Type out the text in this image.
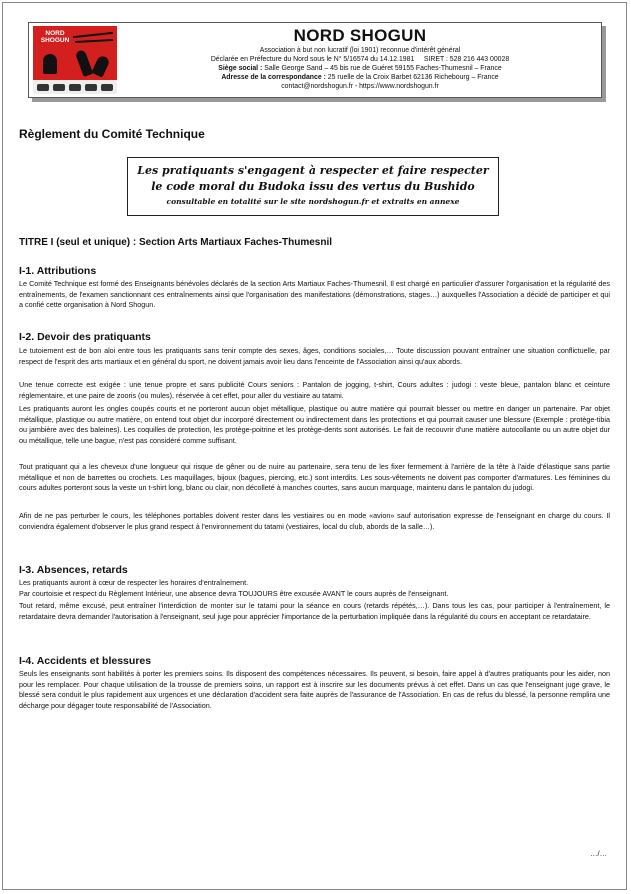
NORD
SHOGUN	NORD SHOGUN
Association à but non lucratif (loi 1901) reconnue d'intérêt général
Déclarée en Préfecture du Nord sous le N° 5/16574 du 14.12.1981     SIRET : 528 216 443 00028
Siège social : Salle George Sand – 45 bis rue de Guéret 59155 Faches-Thumesnil – France
Adresse de la correspondance : 25 ruelle de la Croix Barbet 62136 Richebourg – France
contact@nordshogun.fr - https://www.nordshogun.fr
Règlement du Comité Technique
Les pratiquants s'engagent à respecter et faire respecter
le code moral du Budoka issu des vertus du Bushido
consultable en totalité sur le site nordshogun.fr et extraits en annexe
TITRE I (seul et unique) : Section Arts Martiaux Faches-Thumesnil
I-1. Attributions
Le Comité Technique est formé des Enseignants bénévoles déclarés de la section Arts Martiaux Faches-Thumesnil. Il est chargé en particulier d'assurer l'organisation et la régularité des entraînements, de l'examen sanctionnant ces entraînements ainsi que l'organisation des manifestations (démonstrations, stages…) auxquelles l'Association a décidé de participer et qui a confié cette organisation à Nord Shogun.
I-2. Devoir des pratiquants
Le tutoiement est de bon aloi entre tous les pratiquants sans tenir compte des sexes, âges, conditions sociales,… Toute discussion pouvant entraîner une situation conflictuelle, par respect de l'esprit des arts martiaux et en général du sport, ne doivent jamais avoir lieu dans l'enceinte de l'Association ainsi qu'aux abords.
Une tenue correcte est exigée : une tenue propre et sans publicité Cours seniors : Pantalon de jogging, t-shirt, Cours adultes : judogi : veste bleue, pantalon blanc et ceinture réglementaire, et une paire de zooris (ou mules), réservée à cet effet, pour aller du vestiaire au tatami.
Les pratiquants auront les ongles coupés courts et ne porteront aucun objet métallique, plastique ou autre matière qui pourrait blesser ou mettre en danger un partenaire. Par objet métallique, plastique ou autre matière, on entend tout objet dur incorporé directement ou indirectement dans les protections et qui pourrait causer une blessure (Exemple : protège-tibia ou jambière avec des baleines). Les coquilles de protection, les protège-poitrine et les protège-dents sont autorisés. Le fait de recouvrir d'une matière autocollante ou un autre objet dur ou métallique, telle une bague, n'est pas considéré comme suffisant.
Tout pratiquant qui a les cheveux d'une longueur qui risque de gêner ou de nuire au partenaire, sera tenu de les fixer fermement à l'arrière de la tête à l'aide d'élastique sans partie métallique et non de barrettes ou crochets. Les maquillages, bijoux (bagues, piercing, etc.) sont interdits. Les sous-vêtements ne doivent pas comporter d'armatures. Les féminines du cours adultes porteront sous la veste un t-shirt long, blanc ou clair, non décolleté à manches courtes, sans aucun marquage, maintenu dans le pantalon du judogi.
Afin de ne pas perturber le cours, les téléphones portables doivent rester dans les vestiaires ou en mode «avion» sauf autorisation expresse de l'enseignant en charge du cours. Il conviendra également d'observer le plus grand respect à l'environnement du tatami (vestiaires, local du club, abords de la salle…).
I-3. Absences, retards
Les pratiquants auront à cœur de respecter les horaires d'entraînement.
Par courtoisie et respect du Règlement Intérieur, une absence devra TOUJOURS être excusée AVANT le cours auprès de l'enseignant.
Tout retard, même excusé, peut entraîner l'interdiction de monter sur le tatami pour la séance en cours (retards répétés,…). Dans tous les cas, pour participer à l'entraînement, le retardataire devra demander l'autorisation à l'enseignant, seul juge pour apprécier l'importance de la perturbation impliquée dans la régularité du cours en acceptant ce retardataire.
I-4. Accidents et blessures
Seuls les enseignants sont habilités à porter les premiers soins. Ils disposent des compétences nécessaires. Ils peuvent, si besoin, faire appel à d'autres pratiquants pour les aider, non pour les remplacer. Pour chaque utilisation de la trousse de premiers soins, un rapport est à inscrire sur les documents prévus à cet effet. Dans un cas que l'enseignant juge grave, le blessé sera conduit le plus rapidement aux urgences et une déclaration d'accident sera faite auprès de l'assurance de l'Association. En cas de refus du blessé, la personne remplira une décharge pour dégager toute responsabilité de l'Association.
…/…
